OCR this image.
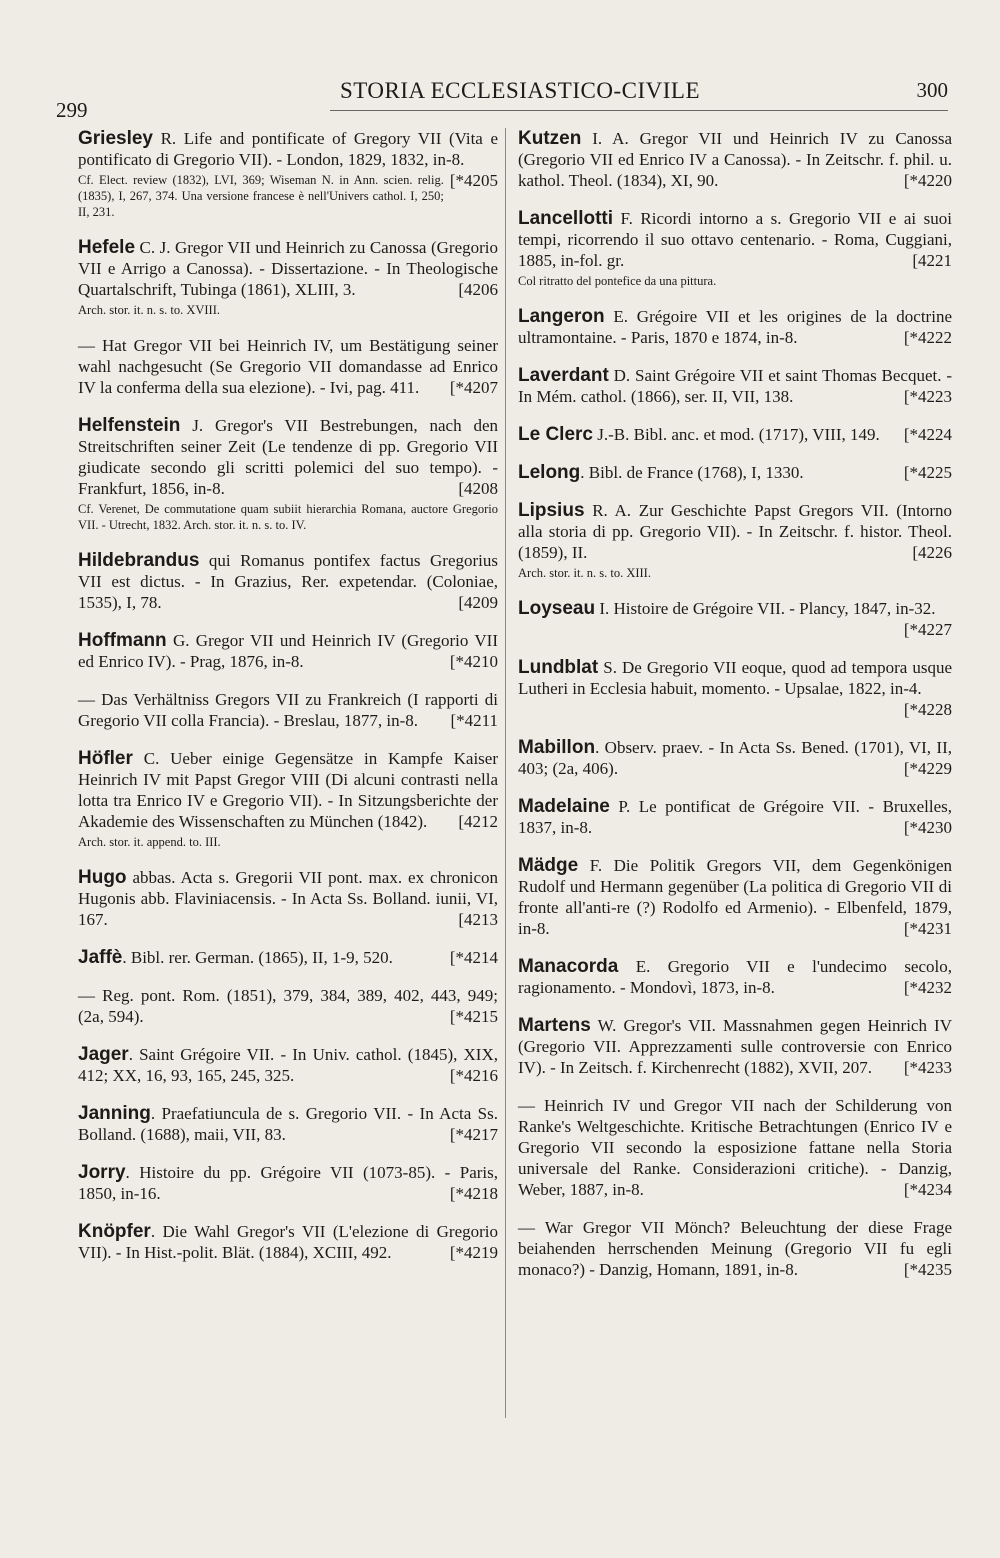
299
STORIA ECCLESIASTICO-CIVILE	300
Griesley R. Life and pontificate of Gregory VII (Vita e pontificato di Gregorio VII). - London, 1829, 1832, in-8.
[*4205
Cf. Elect. review (1832), LVI, 369; Wiseman N. in Ann. scien. relig. (1835), I, 267, 374. Una versione francese è nell'Univers cathol. I, 250; II, 231.
Hefele C. J. Gregor VII und Heinrich zu Canossa (Gregorio VII e Arrigo a Canossa). - Dissertazione. - In Theologische Quartalschrift, Tubinga (1861), XLIII, 3.	[4206
Arch. stor. it. n. s. to. XVIII.
— Hat Gregor VII bei Heinrich IV, um Bestätigung seiner wahl nachgesucht (Se Gregorio VII domandasse ad Enrico IV la conferma della sua elezione). - Ivi, pag. 411. [*4207
Helfenstein J. Gregor's VII Bestrebungen, nach den Streitschriften seiner Zeit (Le tendenze di pp. Gregorio VII giudicate secondo gli scritti polemici del suo tempo). - Frankfurt, 1856, in-8.	[4208
Cf. Verenet, De commutatione quam subiit hierarchia Romana, auctore Gregorio VII. - Utrecht, 1832. Arch. stor. it. n. s. to. IV.
Hildebrandus qui Romanus pontifex factus Gregorius VII est dictus. - In Grazius, Rer. expetendar. (Coloniae, 1535), I, 78.	[4209
Hoffmann G. Gregor VII und Heinrich IV (Gregorio VII ed Enrico IV). - Prag, 1876, in-8.	[*4210
— Das Verhältniss Gregors VII zu Frankreich (I rapporti di Gregorio VII colla Francia). - Breslau, 1877, in-8. [*4211
Höfler C. Ueber einige Gegensätze in Kampfe Kaiser Heinrich IV mit Papst Gregor VIII (Di alcuni contrasti nella lotta tra Enrico IV e Gregorio VII). - In Sitzungsberichte der Akademie des Wissenschaften zu München (1842). [4212
Arch. stor. it. append. to. III.
Hugo abbas. Acta s. Gregorii VII pont. max. ex chronicon Hugonis abb. Flaviniacensis. - In Acta Ss. Bolland. iunii, VI, 167.	[4213
Jaffè. Bibl. rer. German. (1865), II, 1-9, 520.	[*4214
— Reg. pont. Rom. (1851), 379, 384, 389, 402, 443, 949; (2a, 594).	[*4215
Jager. Saint Grégoire VII. - In Univ. cathol. (1845), XIX, 412; XX, 16, 93, 165, 245, 325.	[*4216
Janning. Praefatiuncula de s. Gregorio VII. - In Acta Ss. Bolland. (1688), maii, VII, 83.	[*4217
Jorry. Histoire du pp. Grégoire VII (1073-85). - Paris, 1850, in-16.	[*4218
Knöpfer. Die Wahl Gregor's VII (L'elezione di Gregorio VII). - In Hist.-polit. Blät. (1884), XCIII, 492.	[*4219
Kutzen I. A. Gregor VII und Heinrich IV zu Canossa (Gregorio VII ed Enrico IV a Canossa). - In Zeitschr. f. phil. u. kathol. Theol. (1834), XI, 90.	[*4220
Lancellotti F. Ricordi intorno a s. Gregorio VII e ai suoi tempi, ricorrendo il suo ottavo centenario. - Roma, Cuggiani, 1885, in-fol. gr.	[4221
Col ritratto del pontefice da una pittura.
Langeron E. Grégoire VII et les origines de la doctrine ultramontaine. - Paris, 1870 e 1874, in-8.	[*4222
Laverdant D. Saint Grégoire VII et saint Thomas Becquet. - In Mém. cathol. (1866), ser. II, VII, 138.	[*4223
Le Clerc J.-B. Bibl. anc. et mod. (1717), VIII, 149. [*4224
Lelong. Bibl. de France (1768), I, 1330.	[*4225
Lipsius R. A. Zur Geschichte Papst Gregors VII. (Intorno alla storia di pp. Gregorio VII). - In Zeitschr. f. histor. Theol. (1859), II.	[4226
Arch. stor. it. n. s. to. XIII.
Loyseau I. Histoire de Grégoire VII. - Plancy, 1847, in-32.
[*4227
Lundblat S. De Gregorio VII eoque, quod ad tempora usque Lutheri in Ecclesia habuit, momento. - Upsalae, 1822, in-4.
[*4228
Mabillon. Observ. praev. - In Acta Ss. Bened. (1701), VI, II, 403; (2a, 406).	[*4229
Madelaine P. Le pontificat de Grégoire VII. - Bruxelles, 1837, in-8.	[*4230
Mädge F. Die Politik Gregors VII, dem Gegenkönigen Rudolf und Hermann gegenüber (La politica di Gregorio VII di fronte all'anti-re (?) Rodolfo ed Armenio). - Elbenfeld, 1879, in-8.	[*4231
Manacorda E. Gregorio VII e l'undecimo secolo, ragionamento. - Mondovì, 1873, in-8.	[*4232
Martens W. Gregor's VII. Massnahmen gegen Heinrich IV (Gregorio VII. Apprezzamenti sulle controversie con Enrico IV). - In Zeitsch. f. Kirchenrecht (1882), XVII, 207. [*4233
— Heinrich IV und Gregor VII nach der Schilderung von Ranke's Weltgeschichte. Kritische Betrachtungen (Enrico IV e Gregorio VII secondo la esposizione fattane nella Storia universale del Ranke. Considerazioni critiche). - Danzig, Weber, 1887, in-8.	[*4234
— War Gregor VII Mönch? Beleuchtung der diese Frage beiahenden herrschenden Meinung (Gregorio VII fu egli monaco?) - Danzig, Homann, 1891, in-8.	[*4235
